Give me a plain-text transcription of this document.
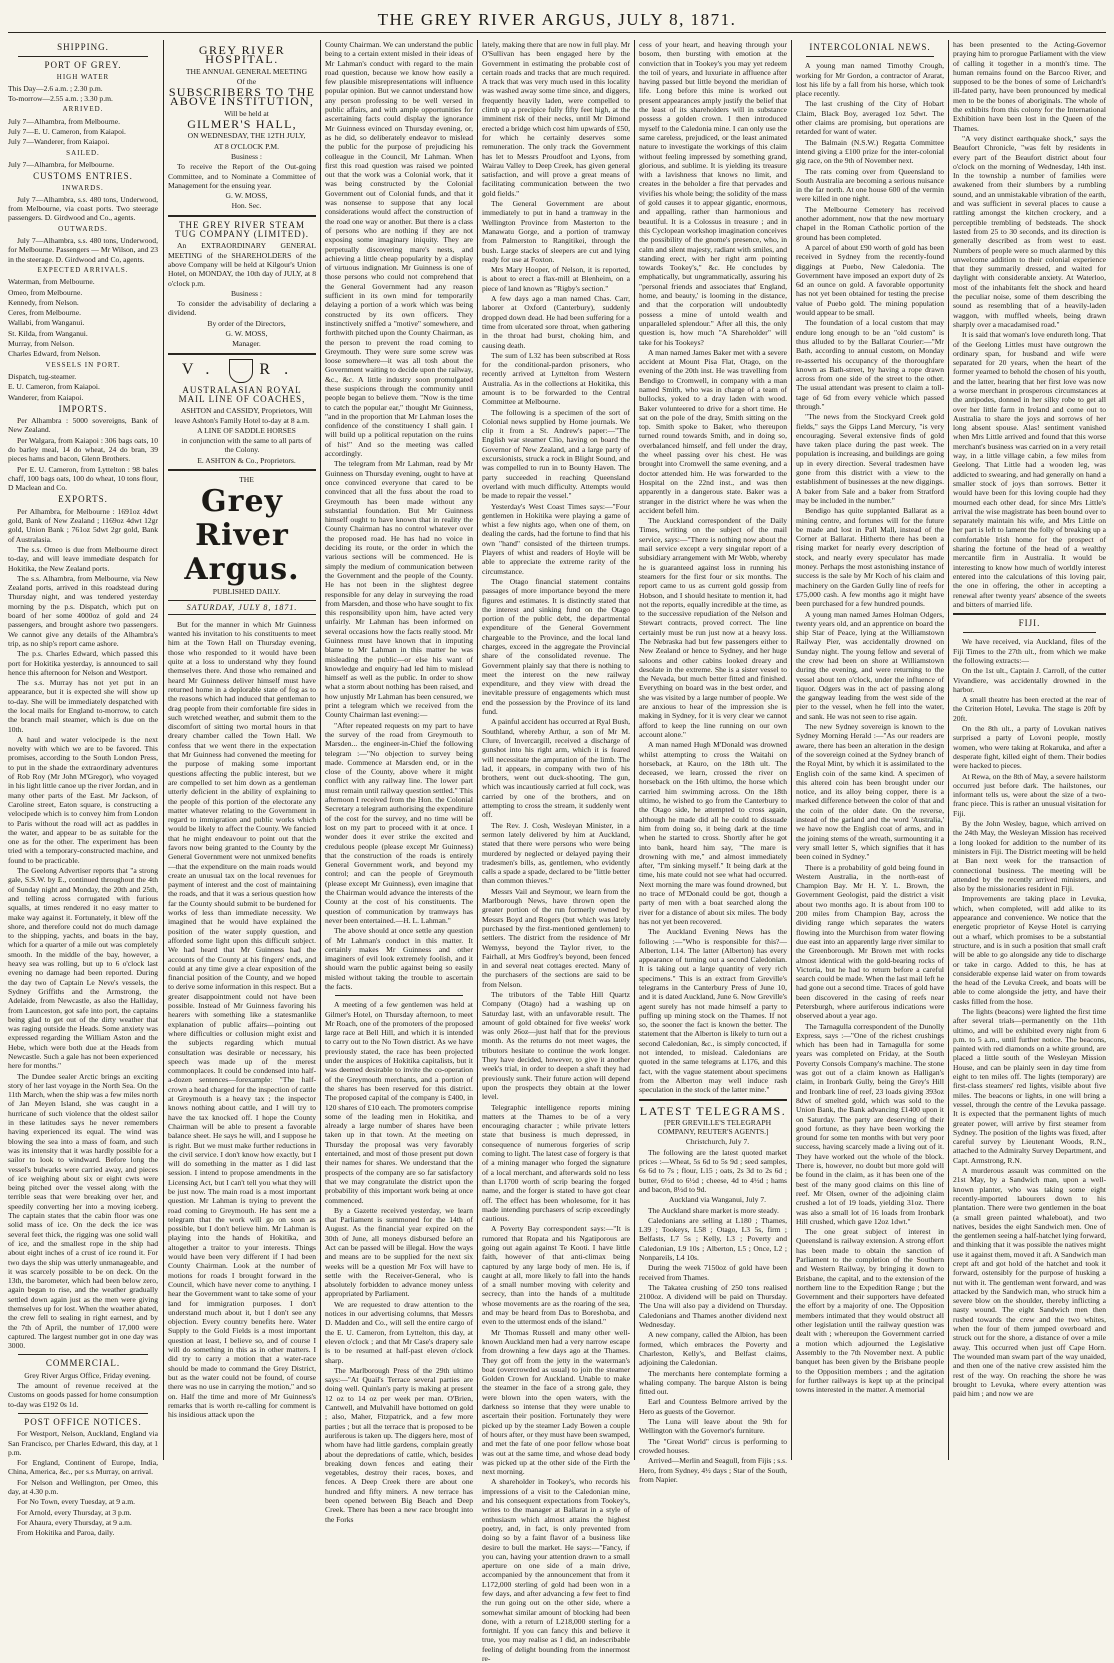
THE GREY RIVER ARGUS, JULY 8, 1871.
SHIPPING.
PORT OF GREY.
HIGH WATER

This Day—2.6 a.m. ; 2.30 p.m.

To-morrow—2.55 a.m. ; 3.30 p.m.

ARRIVED.

July 7—Alhambra, from Melbourne.

July 7—E. U. Cameron, from Kaiapoi.

July 7—Wanderer, from Kaiapoi.

SAILED.

July 7—Alhambra, for Melbourne.

CUSTOMS ENTRIES.
INWARDS.

July 7—Alhambra, s.s. 480 tons, Underwood, from Melbourne, via coast ports. Two steerage passengers. D. Girdwood and Co., agents.

OUTWARDS.

July 7—Alhambra, s.s. 480 tons, Underwood, for Melbourne. Passengers — Mr Wilson, and 23 in the steerage. D. Girdwood and Co, agents.

EXPECTED ARRIVALS.

Waterman, from Melbourne.

Omeo, from Melbourne.

Kennedy, from Nelson.

Ceres, from Melbourne.

Wallabi, from Wanganui.

St. Kilda, from Wanganui.

Murray, from Nelson.

Charles Edward, from Nelson.

VESSELS IN PORT.

Dispatch, tug-steamer.

E. U. Cameron, from Kaiapoi.

Wanderer, from Kaiapoi.

IMPORTS.

Per Alhambra : 5000 sovereigns, Bank of New Zealand.

Per Walgara, from Kaiapoi : 306 bags oats, 10 do barley meal, 14 do wheat, 24 do bran, 39 pieces hams and bacon, Glenn Brothers.

Per E. U. Cameron, from Lyttelton : 98 bales chaff, 100 bags oats, 100 do wheat, 10 tons flour, D Maclean and Co.

EXPORTS.

Per Alhambra, for Melbourne : 1691oz 4dwt gold, Bank of New Zealand ; 1169oz 4dwt 12gr gold, Union Bank ; 761oz 5dwt 2gr gold, Bank of Australasia.

The s.s. Omeo is due from Melbourne direct to-day, and will leave immediate despatch for Hokitika, the New Zealand ports.

The s.s. Alhambra, from Melbourne, via New Zealand ports, arrived in this roadstead during Thursday night, and was tendered yesterday morning by the p.s. Dispatch, which put on board of her some 4000oz of gold and 24 passengers, and brought ashore two passengers. We cannot give any details of the Alhambra's trip, as no ship's report came ashore.

The p.s. Charles Edward, which passed this port for Hokitika yesterday, is announced to sail hence this afternoon for Nelson and Westport.

The s.s. Murray has not yet put in an appearance, but it is expected she will show up to-day. She will be immediately despatched with the local mails for England to-morrow, to catch the branch mail steamer, which is due on the 10th.

A haul and water velocipede is the next novelty with which we are to be favored. This promises, according to the South London Press, to put in the shade the extraordinary adventures of Rob Roy (Mr John M'Gregor), who voyaged in his light little canoe up the river Jordan, and in many other parts of the East. Mr Jackson, of Caroline street, Eaton square, is constructing a velocipede which is to convey him from London to Paris without the road will act as paddles in the water, and appear to be as suitable for the one as for the other. The experiment has been tried with a temporary-constructed machine, and found to be practicable.

The Geelong Advertiser reports that "a strong gale, S.S.W. by E., continued throughout the 4th of Sunday night and Monday, the 20th and 25th, and telling across corrugated with furious squalls, at times rendered it no easy matter to make way against it. Fortunately, it blew off the shore, and therefore could not do much damage to the shipping, yachts, and boats in the bay, which for a quarter of a mile out was completely smooth. In the middle of the bay, however, a heavy sea was rolling, but up to 6 o'clock last evening no damage had been reported. During the day two of Captain Le Neve's vessels, the Sydney Griffiths and the Armstrong, the Adelaide, from Newcastle, as also the Halliday, from Launceston, got safe into port, the captains being glad to get out of the dirty weather that was raging outside the Heads. Some anxiety was expressed regarding the William Aston and the Hebe, which were both due at the Heads from Newcastle. Such a gale has not been experienced here for months."

The Dundee sealer Arctic brings an exciting story of her last voyage in the North Sea. On the 11th March, when the ship was a few miles north of Jan Meyen Island, she was caught in a hurricane of such violence that the oldest sailor in these latitudes says he never remembers having experienced its equal. The wind was blowing the sea into a mass of foam, and such was its intensity that it was hardly possible for a sailor to look to windward. Before long the vessel's bulwarks were carried away, and pieces of ice weighing about six or eight cwts were being pitched over the vessel along with the terrible seas that were breaking over her, and speedily converting her into a moving iceberg. The captain states that the cabin floor was one solid mass of ice. On the deck the ice was several feet thick, the rigging was one solid wall of ice, and the smallest rope in the ship had about eight inches of a crust of ice round it. For two days the ship was utterly unmanageable, and it was scarcely possible to be on deck. On the 13th, the barometer, which had been below zero, again began to rise, and the weather gradually settled down again just as the men were giving themselves up for lost. When the weather abated, the crew fell to sealing in right earnest, and by the 7th of April, the number of 17,000 were captured. The largest number got in one day was 3000.

COMMERCIAL.

Grey River Argus Office, Friday evening.

The amount of revenue received at the Customs on goods passed for home consumption to-day was £192 0s 1d.

POST OFFICE NOTICES.

For Westport, Nelson, Auckland, England via San Francisco, per Charles Edward, this day, at 1 p.m.

For England, Continent of Europe, India, China, America, &c., per s.s Murray, on arrival.

For Nelson and Wellington, per Omeo, this day, at 4.30 p.m.

For No Town, every Tuesday, at 9 a.m.

For Arnold, every Thursday, at 3 p.m.

For Ahaura, every Thursday, at 9 a.m.

From Hokitika and Paroa, daily.

GREY RIVER HOSPITAL.

THE ANNUAL GENERAL MEETING

Of the

SUBSCRIBERS TO THE ABOVE INSTITUTION,

Will be held at

GILMER'S HALL,

ON WEDNESDAY, THE 12TH JULY,

AT 8 O'CLOCK P.M.

Business :

To receive the Report of the Out-going Committee, and to Nominate a Committee of Management for the ensuing year.

G. W. MOSS,

Hon. Sec.

THE GREY RIVER STEAM TUG COMPANY (LIMITED).

An EXTRAORDINARY GENERAL MEETING of the SHAREHOLDERS of the above Company will be held at Kilgour's Union Hotel, on MONDAY, the 10th day of JULY, at 8 o'clock p.m.

Business :

To consider the advisability of declaring a dividend.

By order of the Directors,

G. W. MOSS,

Manager.

V. R.
AUSTRALASIAN ROYAL MAIL LINE OF COACHES,

ASHTON and CASSIDY, Proprietors, Will leave Ashton's Family Hotel to-day at 8 a.m.

A LINE OF SADDLE HORSES

in conjunction with the same to all parts of the Colony.

E. ASHTON & Co., Proprietors.

THE

Grey River Argus.

PUBLISHED DAILY.

SATURDAY, JULY 8, 1871.

But for the manner in which Mr Guinness wanted his invitation to his constituents to meet him at the Town Hall on Thursday evening, those who responded to it would have been quite at a loss to understand why they found themselves there. And those who remained and heard Mr Guinness deliver himself must have returned home in a deplorable state of fog as to the reasons which had induced that gentleman to drag people from their comfortable fire sides in such wretched weather, and submit them to the discomfort of sitting two mortal hours in that dreary chamber called the Town Hall. We confess that we went there in the expectation that Mr Guinness had convened the meeting for the purpose of making some important questions affecting the public interest, but we are compelled to set him down as a gentleman utterly deficient in the ability of explaining to the people of this portion of the electorate any matter whatever relating to the Government in regard to immigration and public works which would be likely to affect the County. We fancied that he might endeavour to point out that the favors now being granted to the County by the General Government were not unmixed benefits—that the expenditure on the main roads would create an unusual tax on the local revenues for payment of interest and the cost of maintaining the roads, and that it was a serious question how far the County should submit to be burdened for works of less than immediate necessity. We imagined that he would have explained the position of the water supply question, and afforded some light upon this difficult subject. We had heard that Mr Guinness had the accounts of the County at his fingers' ends, and could at any time give a clear exposition of the financial position of the County, and we hoped to derive some information in this respect. But a greater disappointment could not have been possible. Instead of Mr Guinness favoring his hearers with something like a statesmanlike explanation of public affairs—pointing out where difficulties or collusion might exist and the subjects regarding which mutual consultation was desirable or necessary, his speech was made up of the merest commonplaces. It could be condensed into half-a-dozen sentences—forexample: "The half-crown a head charged for the inspection of cattle at Greymouth is a heavy tax ; the inspector knows nothing about cattle, and I will try to have the tax knocked off. I hope the County Chairman will be able to present a favorable balance sheet. He says he will, and I suppose he is right. But we must make further reductions in the civil service. I don't know how exactly, but I will do something in the matter as I did last session. I intend to propose amendments in the Licensing Act, but I can't tell you what they will be just now. The main road is a most important question. Mr Lahman is trying to prevent the road coming to Greymouth. He has sent me a telegram that the work will go on soon as possible, but I don't believe him. Mr Lahman is playing into the hands of Hokitika, and altogether a traitor to your interests. Things would have been very different if I had been County Chairman. Look at the number of motions for roads I brought forward in the Council, which have never come to anything. I hear the Government want to take some of your land for immigration purposes. I don't understand much about it, but I don't see any objection. Every country benefits here. Water Supply to the Gold Fields is a most important question at least, I believe so, and of course I will do something in this as in other matters. I did try to carry a motion that a water-race should be made to command the Grey District, but as the water could not be found, of course there was no use in carrying the motion," and so on. Half the time and more of Mr Guinness's remarks that is worth re-calling for comment is his insidious attack upon the

County Chairman. We can understand the public being to a certain extent misled in their ideas of Mr Lahman's conduct with regard to the main road question, because we know how easily a few plausible misrepresentations will influence popular opinion. But we cannot understand how any person professing to be well versed in public affairs, and with ample opportunities for ascertaining facts could display the ignorance Mr Guinness evinced on Thursday evening, or, as he did, so deliberately endeavor to mislead the public for the purpose of prejudicing his colleague in the Council, Mr Lahman. When first this road question was raised we pointed out that the work was a Colonial work, that it was being constructed by the Colonial Government out of Colonial funds, and that it was nonsense to suppose that any local considerations would affect the construction of the road one way or another. But there is a class of persons who are nothing if they are not exposing some imaginary iniquity. They are perpetually discovering mare's nests, and achieving a little cheap popularity by a display of virtuous indignation. Mr Guinness is one of those persons who could not comprehend that the General Government had any reason sufficient in its own mind for temporarily delaying a portion of a work which was being constructed by its own officers. They instinctively sniffed a "motive" somewhere, and forthwith pitched upon the County Chairman, as the person to prevent the road coming to Greymouth. They were sure some screw was loose somewhere—it was all tosh about the Government waiting to decide upon the railway, &c., &c. A little industry soon promulgated these suspicions through the community until people began to believe them. "Now is the time to catch the popular ear," thought Mr Guinness, "and in the proportion that Mr Lahman loses the confidence of the constituency I shall gain. I will build up a political reputation on the ruins of his!" And so the meeting was called accordingly.

The telegram from Mr Lahman, read by Mr Guinness on Thursday evening, ought to have at once convinced everyone that cared to be convinced that all the fuss about the road to Greymouth has been made without any substantial foundation. But Mr Guinness himself ought to have known that in reality the County Chairman has no control whatever over the proposed road. He has had no voice in deciding its route, or the order in which the various sections will be commenced. He is simply the medium of communication between the Government and the people of the County. He has not been in the slightest degree responsible for any delay in surveying the road from Marsden, and those who have sought to fix this responsibility upon him, have acted very unfairly. Mr Lahman has been informed on several occasions how the facts really stood. Mr Guinness must have known that in imputing blame to Mr Lahman in this matter he was misleading the public—or else his want of knowledge and enquiry had led him to mislead himself as well as the public. In order to show what a storm about nothing has been raised, and how unjustly Mr Lahman has been censured, we print a telegram which we received from the County Chairman last evening:—

"After repeated requests on my part to have the survey of the road from Greymouth to Marsden... the engineer-in-Chief the following telegram :—"No objection to survey being made. Commence at Marsden end, or in the close of the County, above where it might conflict with any railway line. The lower part must remain until railway question settled." This afternoon I received from the Hon. the Colonial Secretary a telegram authorising the expenditure of the cost for the survey, and no time will be lost on my part to proceed with it at once. I wonder does it ever strike the excited and credulous people (please except Mr Guinness) that the construction of the roads is entirely General Government work, and beyond my control; and can the people of Greymouth (please except Mr Guinness), even imagine that the Chairman would advance the interests of the County at the cost of his constituents. The question of communication by tramways has never been entertained.—H. L. Lahman."

The above should at once settle any question of Mr Lahman's conduct in this matter. It certainly makes Mr Guinness and other imaginers of evil look extremely foolish, and it should warn the public against being so easily misled without taking the trouble to ascertain the facts.

A meeting of a few gentlemen was held at Gilmer's Hotel, on Thursday afternoon, to meet Mr Roach, one of the promoters of the proposed large race at Bell Hill, and which it is intended to carry out to the No Town district. As we have previously stated, the race has been projected under the auspices of Hokitika capitalists, but it was deemed desirable to invite the co-operation of the Greymouth merchants, and a portion of the shares has been reserved for this district. The proposed capital of the company is £400, in 120 shares of £10 each. The promoters comprise some of the leading men in Hokitika, and already a large number of shares have been taken up in that town. At the meeting on Thursday the proposal was very favorably entertained, and most of those present put down their names for shares. We understand that the prospects of the company are so far satisfactory that we may congratulate the district upon the probability of this important work being at once commenced.

By a Gazette received yesterday, we learn that Parliament is summoned for the 14th of August. As the financial year expired on the 30th of June, all moneys disbursed before an Act can be passed will be illegal. How the ways and means are to be supplied for the next six weeks will be a question Mr Fox will have to settle with the Receiver-General, who is absolutely forbidden to advance money unless appropriated by Parliament.

We are requested to draw attention to the notices in our advertising columns, that Messrs D. Madden and Co., will sell the entire cargo of the E. U. Cameron, from Lyttelton, this day, at eleven o'clock ; and that Mr Case's drapery sale is to be resumed at half-past eleven o'clock sharp.

The Marlborough Press of the 29th ultimo says:—"At Quail's Terrace several parties are doing well. Quinlan's party is making at present 12 oz to 14 oz per week per man. O'Brien, Cantwell, and Mulvahill have bottomed on gold ; also, Maher, Fitzpatrick, and a few more parties ; but all the terrace that is proposed to be auriferous is taken up. The diggers here, most of whom have had little gardens, complain greatly about the depredations of cattle, which, besides breaking down fences and eating their vegetables, destroy their races, boxes, and fences. A Deep Creek there are about one hundred and fifty miners. A new terrace has been opened between Big Beach and Deep Creek. There has been a new race brought into the Forks

lately, making there that are now in full play. Mr O'Sullivan has been engaged here by the Government in estimating the probable cost of certain roads and tracks that are much required. A track that was very much used in this locality was washed away some time since, and diggers, frequently heavily laden, were compelled to climb up a precipice fully fifty feet high, at the imminent risk of their necks, until Mr Dimond erected a bridge which cost him upwards of £50, for which he certainly deserves some remuneration. The only track the Government has let to Messrs Proudfoot and Lyons, from Wairau Valley to Deep Creek, has given general satisfaction, and will prove a great means of facilitating communication between the two gold fields."

The General Government are about immediately to put in hand a tramway in the Wellington Province from Masterton to the Manawatu Gorge, and a portion of tramway from Palmerston to Rangitikei, through the bush. Large stacks of sleepers are cut and lying ready for use at Foxton.

Mrs Mary Hooper, of Nelson, it is reported, is about to erect a flax-mill at Blenheim, on a piece of land known as "Rigby's section."

A few days ago a man named Chas. Carr, laborer at Oxford (Canterbury), suddenly dropped down dead. He had been suffering for a time from ulcerated sore throat, when gathering in the throat had burst, choking him, and causing death.

The sum of L32 has been subscribed at Ross for the conditional-pardon prisoners, who recently arrived at Lyttelton from Western Australia. As in the collections at Hokitika, this amount is to be forwarded to the Central Committee at Melbourne.

The following is a specimen of the sort of Colonial news supplied by Home journals. We clip it from a St. Andrew's paper:—"The English war steamer Clio, having on board the Governor of New Zealand, and a large party of excursionists, struck a rock in Blight Sound, and was compelled to run in to Bounty Haven. The party succeeded in reaching Queensland overland with much difficulty. Attempts would be made to repair the vessel."

Yesterday's West Coast Times says:—"Four gentlemen in Hokitika were playing a game of whist a few nights ago, when one of them, on dealing the cards, had the fortune to find that his own "hand" consisted of the thirteen trumps. Players of whist and readers of Hoyle will be able to appreciate the extreme rarity of the circumstance.

The Otago financial statement contains passages of more importance beyond the mere figures and estimates. It is distinctly stated that the interest and sinking fund on the Otago portion of the public debt, the departmental expenditure of the General Government chargeable to the Province, and the local land charges, exceed in the aggregate the Provincial share of the consolidated revenue. The Government plainly say that there is nothing to meet the interest on the new railway expenditure, and they view with dread the inevitable pressure of engagements which must end the possession by the Province of its land fund.

A painful accident has occurred at Ryal Bush, Southland, whereby Arthur, a son of Mr M. Clure, of Invercargill, received a discharge of gunshot into his right arm, which it is feared will necessitate the amputation of the limb. The lad, it appears, in company with two of his brothers, went out duck-shooting. The gun, which was incautiously carried at full cock, was carried by one of the brothers, and on attempting to cross the stream, it suddenly went off.

The Rev. J. Cosh, Wesleyan Minister, in a sermon lately delivered by him at Auckland, stated that there were persons who were being murdered by neglected or delayed paying their tradesmen's bills, as, gentlemen, who evidently calls a spade a spade, declared to be "little better than common thieves."

Messrs Vail and Seymour, we learn from the Marlborough News, have thrown open the greater portion of the run formerly owned by Messrs Boyd and Rogers (but which was lately purchased by the first-mentioned gentlemen) to settlers. The district from the residence of Mr Wemyss, beyond the Taylor river, to the Fairhall, at Mrs Godfrey's beyond, been fenced in and several neat cottages erected. Many of the purchasers of the sections are said to be from Nelson.

The tributors of the Table Hill Quartz Company (Otago) had a washing up on Saturday last, with an unfavorable result. The amount of gold obtained for five weeks' work was only 26oz—just half that for the previous month. As the returns do not meet wages, the tributors hesitate to continue the work longer. They have decided, however, to give it another week's trial, in order to deepen a shaft they had previously sunk. Their future action will depend upon the prospects they obtain at the lower level.

Telegraphic intelligence reports mining matters at the Thames to be of a very encouraging character ; while private letters state that business is much depressed, in consequence of numerous forgeries of scrip coming to light. The latest case of forgery is that of a mining manager who forged the signature of a local merchant, and afterwards sold no less than L1700 worth of scrip bearing the forged name, and the forger is stated to have got clear off. The effect has been wholesome, for it has made intending purchasers of scrip exceedingly cautious.

A Poverty Bay correspondent says:—"It is rumored that Ropata and his Ngatiporous are going out again against Te Kooti. I have little faith, however of that anti-climax being captured by any large body of men. He is, if caught at all, more likely to fall into the hands of a small number moving with celerity and secrecy, than into the hands of a multitude whose movements are as the roaring of the sea, and may be heard from Das to Boreshoba, and even to the uttermost ends of the island."

Mr Thomas Russell and many other well-known Auckland men had a very narrow escape from drowning a few days ago at the Thames. They got off from the jetty in the waterman's boat (overcrowded as usual) to join the steamer Golden Crown for Auckland. Unable to make the steamer in the face of a strong gale, they were blown into the open waters, with the darkness so intense that they were unable to ascertain their position. Fortunately they were picked up by the steamer Lady Bowen a couple of hours after, or they must have been swamped, and met the fate of one poor fellow whose boat was out at the same time, and whose dead body was picked up at the other side of the Firth the next morning.

A shareholder in Tookey's, who records his impressions of a visit to the Caledonian mine, and his consequent expectations from Tookey's, writes to the manager at Ballarat in a style of enthusiasm which almost attains the highest poetry, and, in fact, is only prevented from doing so by a faint flavor of a business like desire to bull the market. He says:—"Fancy, if you can, having your attention drawn to a small aperture on one side of a main drive, accompanied by the announcement that from it L172,000 sterling of gold had been won in a few days, and after advancing a few feet to find the run going out on the other side, where a somewhat similar amount of blocking had been done, with a return of L218,000 sterling for a fortnight. If you can fancy this and believe it true, you may realise as I did, an indescribable feeling of delight bounding from the innermost re-

cess of your heart, and heaving through your bosom, then bursting with emotion at the conviction that in Tookey's you may yet redeem the toil of years, and luxuriate in affluence after having passed but little beyond the meridian of life. Long before this mine is worked out present appearances amply justify the belief that the least of its shareholders will in substance possess a golden crown. I then introduced myself to the Caledonia mine. I can only use the same careless, prejudiced, or the least animated nature to investigate the workings of this claim without feeling impressed by something grand, glorious, and sublime. It is yielding its treasure with a lavishness that knows no limit, and creates in the beholder a fire that pervades and vivifies his whole being; the solidity of the mass of gold causes it to appear gigantic, enormous, and appalling, rather than harmonious and beautiful. It is a Colossus in treasure ; and in this Cyclopean workshop imagination conceives the possibility of the gnome's presence, who, in calm and silent majesty, radiant with smiles, and standing erect, with her right arm pointing towards Tookey's," &c. He concludes by emphatically, but ungrammatically, assuring his "personal friends and associates that' England, home, and beauty,' is looming in the distance, and that the corporation will undoubtedly possess a mine of untold wealth and unparalleled splendour." After all this, the only question is, how much "A Shareholder" will take for his Tookeys?

A man named James Baker met with a severe accident at Mount Pisa Flat, Otago, on the evening of the 20th inst. He was travelling from Bendigo to Cromwell, in company with a man named Smith, who was in charge of a team of bullocks, yoked to a dray laden with wood. Baker volunteered to drive for a short time. He sat on the pole of the dray, Smith sitting on the top. Smith spoke to Baker, who thereupon turned round towards Smith, and in doing so, overbalanced himself, and fell under the dray, the wheel passing over his chest. He was brought into Cromwell the same evening, and a doctor attended him. He was forwarded to the Hospital on the 22nd inst., and was then apparently in a dangerous state. Baker was a stranger in the district where he was when the accident befell him.

The Auckland correspondent of the Daily Times, writing on the subject of the mail service, says:—"There is nothing now about the mail service except a very singular report of a subsidiary arrangement with Mr Webb, whereby he is guaranteed against loss in running his steamers for the first four or six months. The report came to us as current gold gossip from Hobson, and I should hesitate to mention it, had not the reports, equally incredible at the time, as to the successive repudiation of the Nelson and Stewart contracts, proved correct. The line certainly must be run just now at a heavy loss. The Nebraska had but few passengers either to New Zealand or hence to Sydney, and her huge saloons and other cabins looked dreary and desolate in the extreme. She is a sister vessel to the Nevada, but much better fitted and finished. Everything on board was in the best order, and she was visited by a large number of people. We are anxious to hear of the impression she is making in Sydney, for it is very clear we cannot afford to keep the line running on our own account alone."

A man named Hugh M'Donald was drowned whilst attempting to cross the Waitahi on horseback, at Kauro, on the 18th ult. The deceased, we learn, crossed the river on horseback on the 16th ultimo, the horse which carried him swimming across. On the 18th ultimo, he wished to go from the Canterbury to the Otago side, he attempted to cross again, although he made did all he could to dissuade him from doing so, it being dark at the time when he started to cross. Shortly after he got into bank, heard him say, "The mare is drowning with me," and almost immediately after, "I'm sinking myself." It being dark at the time, his mate could not see what had occurred. Next morning the mare was found drowned, but no trace of M'Donald could be got, though a party of men with a boat searched along the river for a distance of about six miles. The body has not yet been recovered.

The Auckland Evening News has the following :—"Who is responsible for this?—Alberton, L14. The latter (Alberton) has every appearance of turning out a second Caledonian. It is taking out a large quantity of very rich specimens." This is an extract from Greville's telegrams in the Canterbury Press of June 10, and it is dated Auckland, June 6. Now Greville's agent surely has not made himself a party to puffing up mining stock on the Thames. If not so, the sooner the fact is known the better. The statement that the Alberton is likely to turn out a second Caledonian, &c., is simply concocted, if not intended, to mislead. Caledonians are quoted in the same telegrams at L176, and this fact, with the vague statement about specimens from the Alberton may well induce rash speculation in the stock of the latter mine."

LATEST TELEGRAMS.

[PER GREVILLE'S TELEGRAPH COMPANY, REUTER'S AGENTS.]

Christchurch, July 7.

The following are the latest quoted market prices :—Wheat, 5s 6d to 5s 9d ; seed samples, 6s 6d to 7s ; flour, L15 ; oats, 2s 3d to 2s 6d ; butter, 6½d to 6½d ; cheese, 4d to 4½d ; hams and bacon, 8½d to 9d.

Auckland via Wanganui, July 7.

The Auckland share market is more steady.

Caledonians are selling at L180 ; Thames, L39 ; Tookeys, L58 ; Otago, L3 5s, firm ; Belfasts, L7 5s ; Kelly, L3 ; Poverty and Caledonian, L9 10s ; Alberton, L5 ; Once, L2 ; Nonpareils, L4 10s.

During the week 7150oz of gold have been received from Thames.

The Takatea crushing of 250 tons realised 2100oz. A dividend will be paid on Thursday. The Una will also pay a dividend on Thursday. Caledonians and Thames another dividend next Wednesday.

A new company, called the Albion, has been formed, which embraces the Poverty and Charleston, Kelly's, and Belfast claims, adjoining the Caledonian.

The merchants here contemplate forming a whaling company. The barque Alston is being fitted out.

Earl and Countess Belmore arrived by the Hero as guests of the Governor.

The Luna will leave about the 9th for Wellington with the Governor's furniture.

The "Great World" circus is performing to crowded houses.

Arrived—Merlin and Seagull, from Fijis ; s.s. Hero, from Sydney, 4½ days ; Star of the South, from Napier.

INTERCOLONIAL NEWS.

A young man named Timothy Crough, working for Mr Gordon, a contractor of Ararat, lost his life by a fall from his horse, which took place recently.

The last crushing of the City of Hobart Claim, Black Boy, averaged 1oz 5dwt. The other claims are promising, but operations are retarded for want of water.

The Balmain (N.S.W.) Regatta Committee intend giving a £100 prize for the inter-colonial gig race, on the 9th of November next.

The rats coming over from Queensland to South Australia are becoming a serious nuisance in the far north. At one house 600 of the vermin were killed in one night.

The Melbourne Cemetery has received another adornment, now that the new mortuary chapel in the Roman Catholic portion of the ground has been completed.

A parcel of about £90 worth of gold has been received in Sydney from the recently-found diggings at Puebo, New Caledonia. The Government have imposed an export duty of 2s 6d an ounce on gold. A favorable opportunity has not yet been obtained for testing the precise value of Puebo gold. The mining population would appear to be small.

The foundation of a local custom that may endure long enough to be an "old custom" is thus alluded to by the Ballarat Courier:—"Mr Bath, according to annual custom, on Monday re-asserted his occupancy of the thoroughfare known as Bath-street, by having a rope drawn across from one side of the street to the other. The usual attendant was present to claim a toll-tage of 6d from every vehicle which passed through."

"The news from the Stockyard Creek gold fields," says the Gipps Land Mercury, "is very encouraging. Several extensive finds of gold have taken place during the past week. The population is increasing, and buildings are going up in every direction. Several tradesmen have gone from this district with a view to the establishment of businesses at the new diggings. A baker from Sale and a baker from Stratford may be included in the number."

Bendigo has quite supplanted Ballarat as a mining centre, and fortunes will for the future be made and lost in Pall Mall, instead of the Corner at Ballarat. Hitherto there has been a rising market for nearly every description of stock, and nearly every speculator has made money. Perhaps the most astonishing instance of success is the sale by Mr Koch of his claim and machinery on the Garden Gully line of reefs for £75,000 cash. A few months ago it might have been purchased for a few hundred pounds.

A young man named James Holman Odgers, twenty years old, and an apprentice on board the ship Star of Peace, lying at the Williamstown Railway Pier, was accidentally drowned on Sunday night. The young fellow and several of the crew had been on shore at Williamstown during the evening, and were returning to the vessel about ten o'clock, under the influence of liquor. Odgers was in the act of passing along the gangway leading from the west side of the pier to the vessel, when he fell into the water, and sank. He was not seen to rise again.

The new Sydney sovereign is known to the Sydney Morning Herald :—"As our readers are aware, there has been an alteration in the design of the sovereign coined at the Sydney branch of the Royal Mint, by which it is assimilated to the English coin of the same kind. A specimen of this altered coin has been brought under our notice, and its alloy being copper, there is a marked difference between the color of that and the coin of the older date. On the reverse, instead of the garland and the word 'Australia,' we have now the English coat of arms, and in the joining stems of the wreath, surmounting it a very small letter S, which signifies that it has been coined in Sydney."

There is a probability of gold being found in Western Australia, in the north-east of Champion Bay. Mr H. Y. L. Brown, the Government Geologist, paid the district a visit about two months ago. It is about from 100 to 200 miles from Champion Bay, across the dividing range which separates the waters flowing into the Murchison from water flowing due east into an apparently large river similar to the Greenborough. Mr Brown met with rocks almost identical with the gold-bearing rocks of Victoria, but he had to return before a careful search could be made. When the last mail left he had gone out a second time. Traces of gold have been discovered in the casing of reefs near Petersburgh, where auriferous indications were observed about a year ago.

The Tarnagulla correspondent of the Dunolly Express, says :—"One of the richest crushings which has been had in Tarnagulla for some years was completed on Friday, at the South Poverty Consols Company's machine. The stone was got out of a claim known as Halligan's claim, in Ironbark Gully, being the Grey's Hill and Ironbark line of reef, 23 loads giving 393oz 8dwt of smelted gold, which was sold to the Union Bank, the Bank advancing £1400 upon it on Saturday. The party are deserving of their good fortune, as they have been working the ground for some ten months with but very poor success, having scarcely made a living out of it. They have worked out the whole of the block. There is, however, no doubt but more gold will be found in the claim, as it has been one of the best of the many good claims on this line of reef. Mr Olsen, owner of the adjoining claim crushed a lot of 19 loads, yielding 31oz. There was also a small lot of 16 loads from Ironbark Hill crushed, which gave 12oz 1dwt."

The one great subject of interest in Queensland is railway extension. A strong effort has been made to obtain the sanction of Parliament to the completion of the Southern and Western Railway, by bringing it down to Brisbane, the capital, and to the extension of the northern line to the Expedition Range ; but the Government and their supporters have defeated the effort by a majority of one. The Opposition members intimated that they would obstruct all other legislation until the railway question was dealt with ; whereupon the Government carried a motion which adjourned the Legislative Assembly to the 7th November next. A public banquet has been given by the Brisbane people to the Opposition members ; and the agitation for further railways is kept up at the principal towns interested in the matter. A memorial

has been presented to the Acting-Governor praying him to prorogue Parliament with the view of calling it together in a month's time. The human remains found on the Barcoo River, and supposed to be the bones of some of Leichardt's ill-fated party, have been pronounced by medical men to be the bones of aboriginals. The whole of the exhibits from this colony for the International Exhibition have been lost in the Queen of the Thames.

"A very distinct earthquake shock," says the Beaufort Chronicle, "was felt by residents in every part of the Beaufort district about four o'clock on the morning of Wednesday, 14th inst. In the township a number of families were awakened from their slumbers by a rumbling sound, and an unmistakable vibration of the earth, and was sufficient in several places to cause a rattling amongst the kitchen crockery, and a perceptible trembling of bedsteads. The shock lasted from 25 to 30 seconds, and its direction is generally described as from west to east. Numbers of people were so much alarmed by this unwelcome addition to their colonial experience that they summarily dressed, and waited for daylight with considerable anxiety. At Waterloo, most of the inhabitants felt the shock and heard the peculiar noise, some of them describing the sound as resembling that of a heavily-laden waggon, with muffled wheels, being drawn sharply over a macadamised road."

It is said that woman's love endureth long. That of the Geelong Littles must have outgrown the ordinary span, for husband and wife were separated for 20 years, when the heart of the former yearned to behold the chosen of his youth, and the latter, hearing that her first love was now a worse merchant in prosperous circumstances at the antipodes, donned in her silky robe to get all over her little farm in Ireland and come out to Australia to share the joys and sorrows of her long absent spouse. Alas! sentiment vanished when Mrs Little arrived and found that this worse merchant's business was carried on in a very retail way, in a little village cabin, a few miles from Geelong. That Little had a wooden leg, was addicted to swearing, and had generally on hand a smaller stock of joys than sorrows. Better it would have been for this loving couple had they mourned each other dead, for since Mrs Little's arrival the wise magistrate has been bound over to separately maintain his wife, and Mrs Little on her part is left to lament the folly of breaking up a comfortable Irish home for the prospect of sharing the fortune of the head of a wealthy mercantile firm in Australia. It would be interesting to know how much of worldly interest entered into the calculations of this loving pair, the one in offering, the other in accepting a renewal after twenty years' absence of the sweets and bitters of married life.

FIJI.

We have received, via Auckland, files of the Fiji Times to the 27th ult., from which we make the following extracts:—

On the 1st ult., Captain J. Carroll, of the cutter Vivandiere, was accidentally drowned in the harbor.

A small theatre has been erected at the rear of the Criterion Hotel, Levuka. The stage is 20ft by 20ft.

On the 8th ult., a party of Lovukan natives surprised a party of Lovoni people, mostly women, who were taking at Rokaruka, and after a desperate fight, killed eight of them. Their bodies were hacked to pieces.

At Rewa, on the 8th of May, a severe hailstorm occurred just before dark. The hailstones, our informant tells us, were about the size of a two-franc piece. This is rather an unusual visitation for Fiji.

By the John Wesley, bague, which arrived on the 24th May, the Wesleyan Mission has received a long looked for addition to the number of its ministers in Fiji. The District meeting will be held at Ban next week for the transaction of connectional business. The meeting will be attended by the recently arrived ministers, and also by the missionaries resident in Fiji.

Improvements are taking place in Levuka, which, when completed, will add alike to its appearance and convenience. We notice that the energetic proprietor of Keyse Hotel is carrying out a wharf, which promises to be a substantial structure, and is in such a position that small craft will be able to go alongside any tide to discharge or take in cargo. Added to this, he has at considerable expense laid water on from towards the head of the Levuka Creek, and boats will be able to come alongside the jetty, and have their casks filled from the hose.

The lights (beacons) were lighted the first time after several trials—permanently on the 11th ultimo, and will be exhibited every night from 6 p.m. to 5 a.m., until further notice. The beacons, painted with red diamonds on a white ground, are placed a little south of the Wesleyan Mission House, and can be plainly seen in day time from eight to ten miles off. The lights (temporary) are first-class steamers' red lights, visible about five miles. The beacons or lights, in one will bring a vessel, through the centre of the Levuka passage. It is expected that the permanent lights of much greater power, will arrive by first steamer from Sydney. The position of the lights was fixed, after careful survey by Lieutenant Woods, R.N., attached to the Admiralty Survey Department, and Capt. Armstrong, R.N.

A murderous assault was committed on the 21st May, by a Sandwich man, upon a well-known planter, who was taking some eight recently-imported labourers down to his plantation. There were two gentlemen in the boat (a small green painted whaleboat), and two natives, besides the eight Sandwich men. One of the gentlemen seeing a half-hatchet lying forward, and thinking that it was possible the natives might use it against them, moved it aft. A Sandwich man crept aft and got hold of the hatchet and took it forward, ostensibly for the purpose of husking a nut with it. The gentleman went forward, and was attacked by the Sandwich man, who struck him a severe blow on the shoulder, thereby inflicting a nasty wound. The eight Sandwich men then rushed towards the crew and the two whites, when the four of them jumped overboard and struck out for the shore, a distance of over a mile away. This occurred when just off Cape Horn. The wounded man swam part of the way unaided, and then one of the native crew assisted him the rest of the way. On reaching the shore he was brought to Levuka, where every attention was paid him ; and now we are
